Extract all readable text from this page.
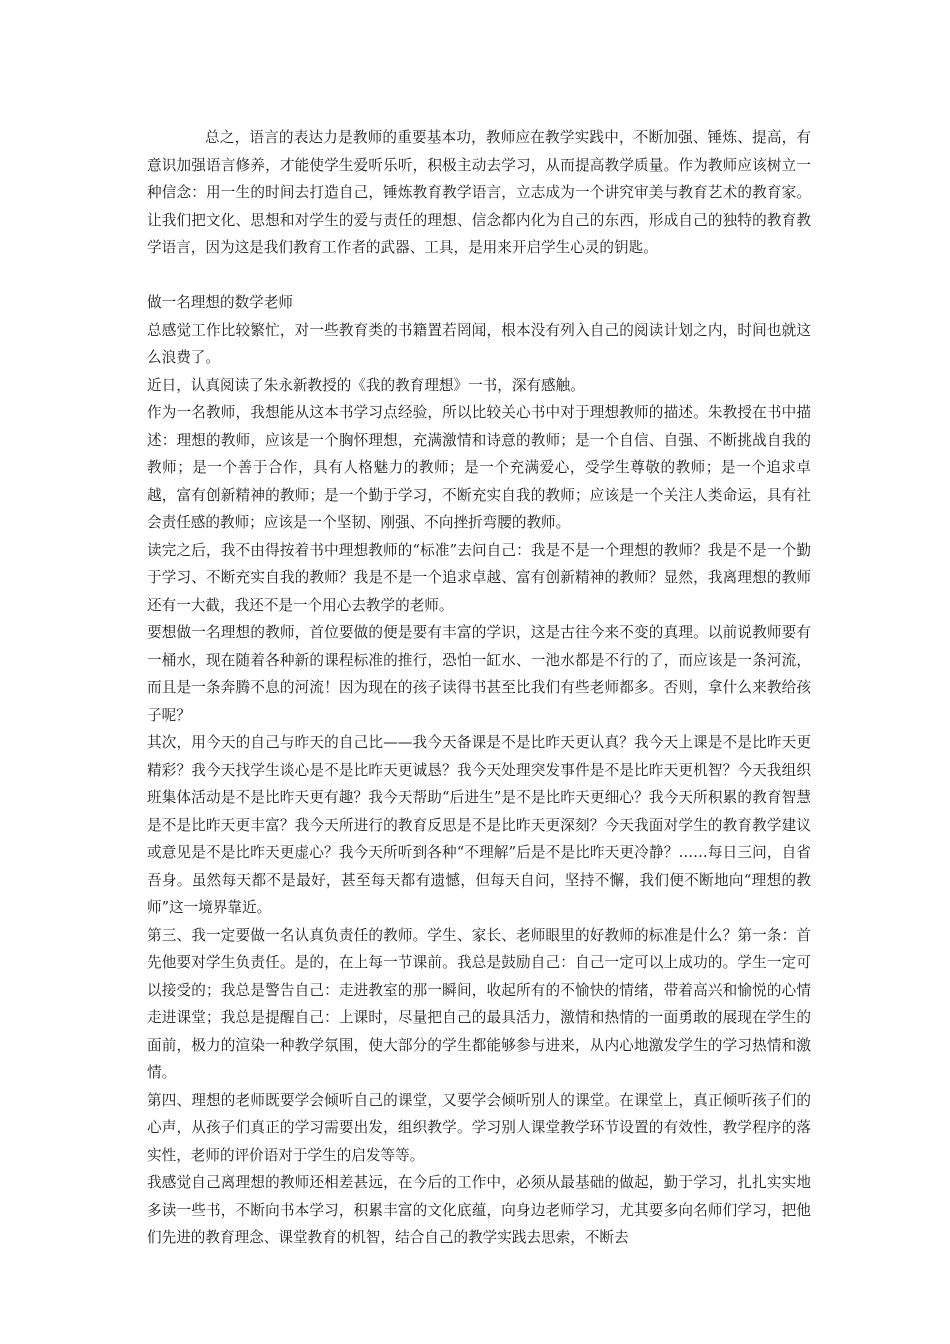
总之，语言的表达力是教师的重要基本功，教师应在教学实践中，不断加强、锤炼、提高，有意识加强语言修养，才能使学生爱听乐听，积极主动去学习，从而提高教学质量。作为教师应该树立一种信念：用一生的时间去打造自己，锤炼教育教学语言，立志成为一个讲究审美与教育艺术的教育家。让我们把文化、思想和对学生的爱与责任的理想、信念都内化为自己的东西，形成自己的独特的教育教学语言，因为这是我们教育工作者的武器、工具，是用来开启学生心灵的钥匙。

做一名理想的数学老师

总感觉工作比较繁忙，对一些教育类的书籍置若罔闻，根本没有列入自己的阅读计划之内，时间也就这么浪费了。

近日，认真阅读了朱永新教授的《我的教育理想》一书，深有感触。

作为一名教师，我想能从这本书学习点经验，所以比较关心书中对于理想教师的描述。朱教授在书中描述：理想的教师，应该是一个胸怀理想，充满激情和诗意的教师；是一个自信、自强、不断挑战自我的教师；是一个善于合作，具有人格魅力的教师；是一个充满爱心，受学生尊敬的教师；是一个追求卓越，富有创新精神的教师；是一个勤于学习，不断充实自我的教师；应该是一个关注人类命运，具有社会责任感的教师；应该是一个坚韧、刚强、不向挫折弯腰的教师。

读完之后，我不由得按着书中理想教师的“标准”去问自己：我是不是一个理想的教师？我是不是一个勤于学习、不断充实自我的教师？我是不是一个追求卓越、富有创新精神的教师？显然，我离理想的教师还有一大截，我还不是一个用心去教学的老师。

要想做一名理想的教师，首位要做的便是要有丰富的学识，这是古往今来不变的真理。以前说教师要有一桶水，现在随着各种新的课程标准的推行，恐怕一缸水、一池水都是不行的了，而应该是一条河流，而且是一条奔腾不息的河流！因为现在的孩子读得书甚至比我们有些老师都多。否则，拿什么来教给孩子呢？

其次，用今天的自己与昨天的自己比——我今天备课是不是比昨天更认真？我今天上课是不是比昨天更精彩？我今天找学生谈心是不是比昨天更诚恳？我今天处理突发事件是不是比昨天更机智？今天我组织班集体活动是不是比昨天更有趣？我今天帮助“后进生”是不是比昨天更细心？我今天所积累的教育智慧是不是比昨天更丰富？我今天所进行的教育反思是不是比昨天更深刻？今天我面对学生的教育教学建议或意见是不是比昨天更虚心？我今天所听到各种“不理解”后是不是比昨天更冷静？……每日三问，自省吾身。虽然每天都不是最好，甚至每天都有遗憾，但每天自问，坚持不懈，我们便不断地向“理想的教师”这一境界靠近。

第三、我一定要做一名认真负责任的教师。学生、家长、老师眼里的好教师的标准是什么？第一条：首先他要对学生负责任。是的，在上每一节课前。我总是鼓励自己：自己一定可以上成功的。学生一定可以接受的；我总是警告自己：走进教室的那一瞬间，收起所有的不愉快的情绪，带着高兴和愉悦的心情走进课堂；我总是提醒自己：上课时，尽量把自己的最具活力，激情和热情的一面勇敢的展现在学生的面前，极力的渲染一种教学氛围，使大部分的学生都能够参与进来，从内心地激发学生的学习热情和激情。

第四、理想的老师既要学会倾听自己的课堂，又要学会倾听别人的课堂。在课堂上，真正倾听孩子们的心声，从孩子们真正的学习需要出发，组织教学。学习别人课堂教学环节设置的有效性，教学程序的落实性，老师的评价语对于学生的启发等等。

我感觉自己离理想的教师还相差甚远，在今后的工作中，必须从最基础的做起，勤于学习，扎扎实实地多读一些书，不断向书本学习，积累丰富的文化底蕴，向身边老师学习，尤其要多向名师们学习，把他们先进的教育理念、课堂教育的机智，结合自己的教学实践去思索，不断去
